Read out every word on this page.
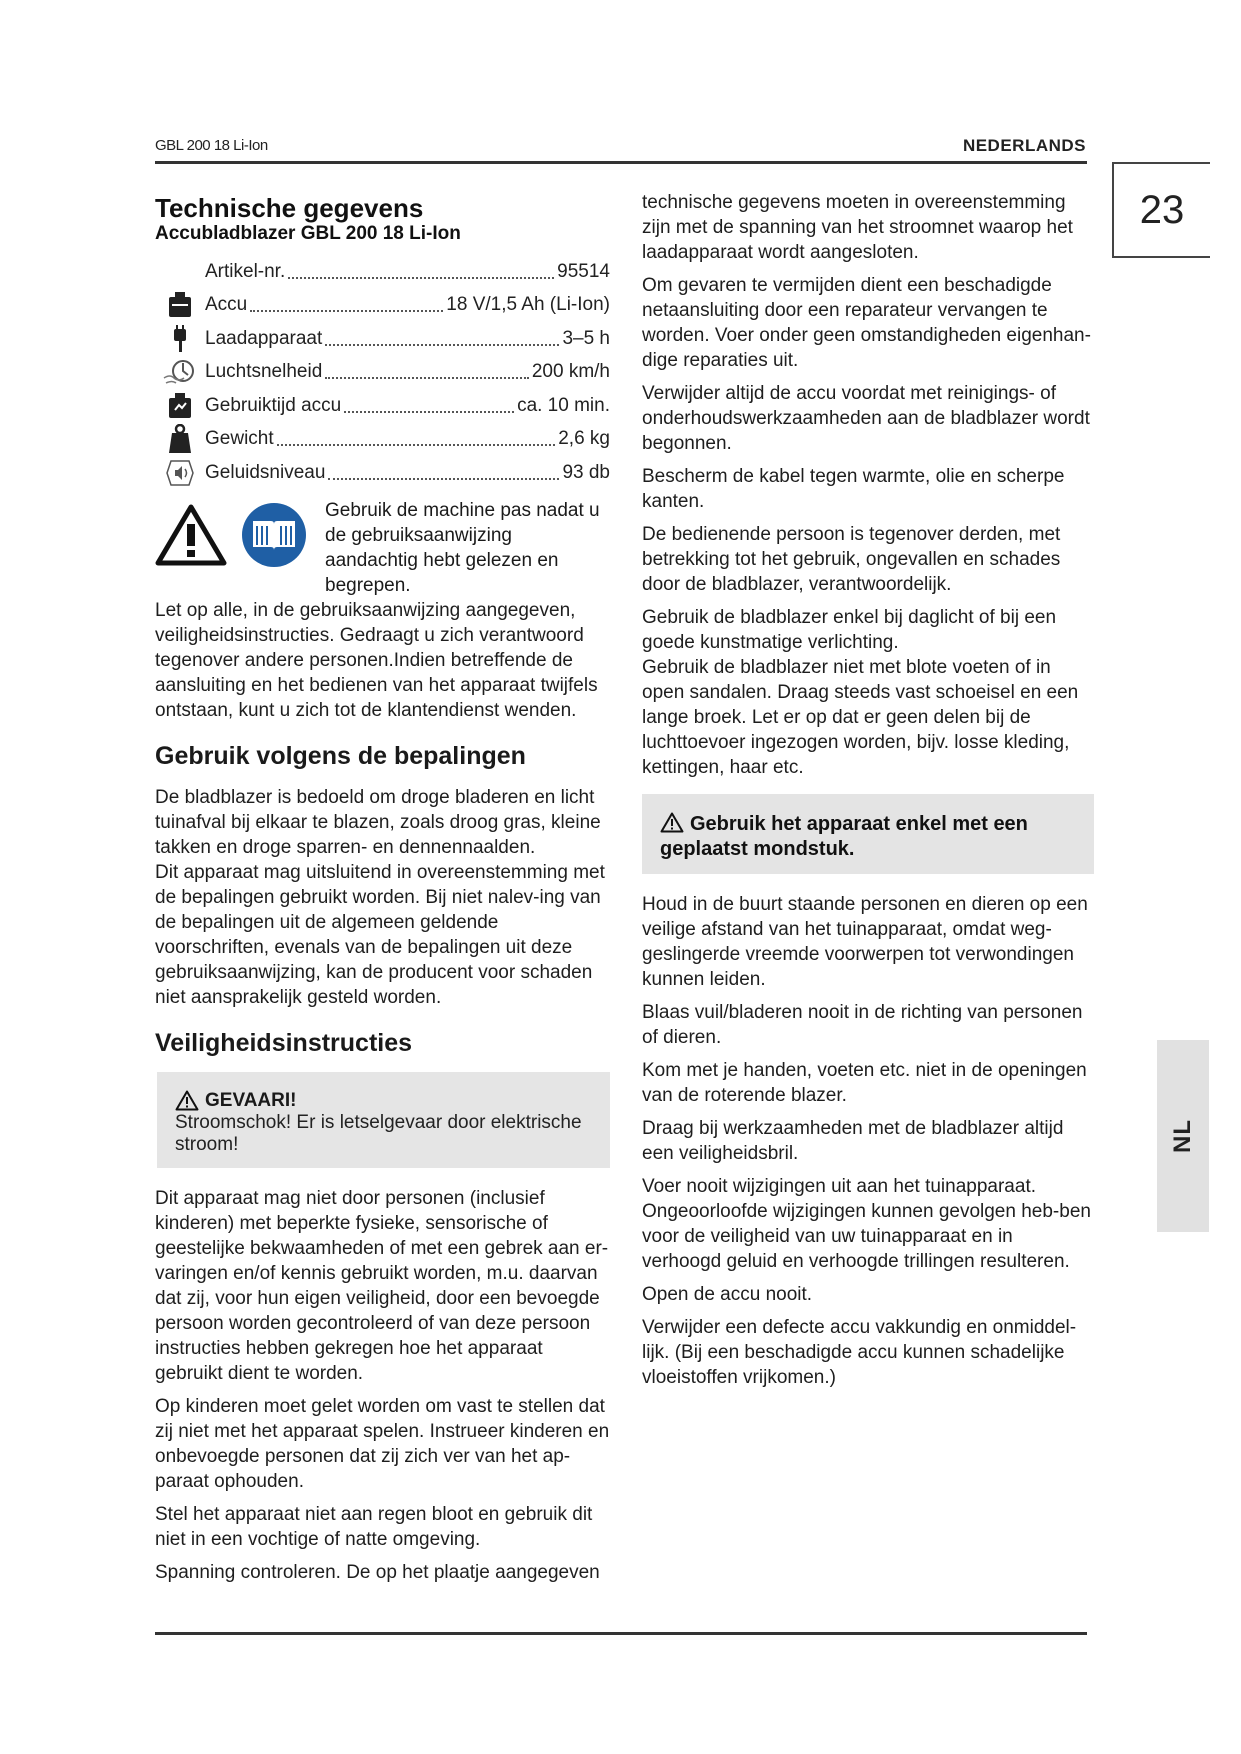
GBL 200 18 Li-Ion	NEDERLANDS
23
NL
Technische gegevens
Accubladblazer GBL 200 18 Li-Ion
Artikel-nr.	95514
Accu	18 V/1,5 Ah (Li-Ion)
Laadapparaat	3–5 h
Luchtsnelheid	200 km/h
Gebruiktijd accu	ca. 10 min.
Gewicht	2,6 kg
Geluidsniveau	93 db
Gebruik de machine pas nadat u de gebruiksaanwijzing aandachtig hebt gelezen en begrepen.

Let op alle, in de gebruiksaanwijzing aangegeven, veiligheidsinstructies. Gedraagt u zich verantwoord tegenover andere personen.Indien betreffende de aansluiting en het bedienen van het apparaat twijfels ontstaan, kunt u zich tot de klantendienst wenden.

Gebruik volgens de bepalingen

De bladblazer is bedoeld om droge bladeren en licht tuinafval bij elkaar te blazen, zoals droog gras, kleine takken en droge sparren- en dennennaalden.

Dit apparaat mag uitsluitend in overeenstemming met de bepalingen gebruikt worden. Bij niet nalev-ing van de bepalingen uit de algemeen geldende voorschriften, evenals van de bepalingen uit deze gebruiksaanwijzing, kan de producent voor schaden niet aansprakelijk gesteld worden.

Veiligheidsinstructies
GEVAARI!
Stroomschok! Er is letselgevaar door elektrische stroom!

Dit apparaat mag niet door personen (inclusief kinderen) met beperkte fysieke, sensorische of geestelijke bekwaamheden of met een gebrek aan er-varingen en/of kennis gebruikt worden, m.u. daarvan dat zij, voor hun eigen veiligheid, door een bevoegde persoon worden gecontroleerd of van deze persoon instructies hebben gekregen hoe het apparaat gebruikt dient te worden.

Op kinderen moet gelet worden om vast te stellen dat zij niet met het apparaat spelen. Instrueer kinderen en onbevoegde personen dat zij zich ver van het ap-paraat ophouden.

Stel het apparaat niet aan regen bloot en gebruik dit niet in een vochtige of natte omgeving.

Spanning controleren. De op het plaatje aangegeven

technische gegevens moeten in overeenstemming zijn met de spanning van het stroomnet waarop het laadapparaat wordt aangesloten.

Om gevaren te vermijden dient een beschadigde netaansluiting door een reparateur vervangen te worden. Voer onder geen omstandigheden eigenhan-dige reparaties uit.

Verwijder altijd de accu voordat met reinigings- of onderhoudswerkzaamheden aan de bladblazer wordt begonnen.

Bescherm de kabel tegen warmte, olie en scherpe kanten.

De bedienende persoon is tegenover derden, met betrekking tot het gebruik, ongevallen en schades door de bladblazer, verantwoordelijk.

Gebruik de bladblazer enkel bij daglicht of bij een goede kunstmatige verlichting.

Gebruik de bladblazer niet met blote voeten of in open sandalen. Draag steeds vast schoeisel en een lange broek. Let er op dat er geen delen bij de luchttoevoer ingezogen worden, bijv. losse kleding, kettingen, haar etc.

Gebruik het apparaat enkel met een geplaatst mondstuk.

Houd in de buurt staande personen en dieren op een veilige afstand van het tuinapparaat, omdat weg-geslingerde vreemde voorwerpen tot verwondingen kunnen leiden.

Blaas vuil/bladeren nooit in de richting van personen of dieren.

Kom met je handen, voeten etc. niet in de openingen van de roterende blazer.

Draag bij werkzaamheden met de bladblazer altijd een veiligheidsbril.

Voer nooit wijzigingen uit aan het tuinapparaat. Ongeoorloofde wijzigingen kunnen gevolgen heb-ben voor de veiligheid van uw tuinapparaat en in verhoogd geluid en verhoogde trillingen resulteren.

Open de accu nooit.

Verwijder een defecte accu vakkundig en onmiddel-lijk. (Bij een beschadigde accu kunnen schadelijke vloeistoffen vrijkomen.)
